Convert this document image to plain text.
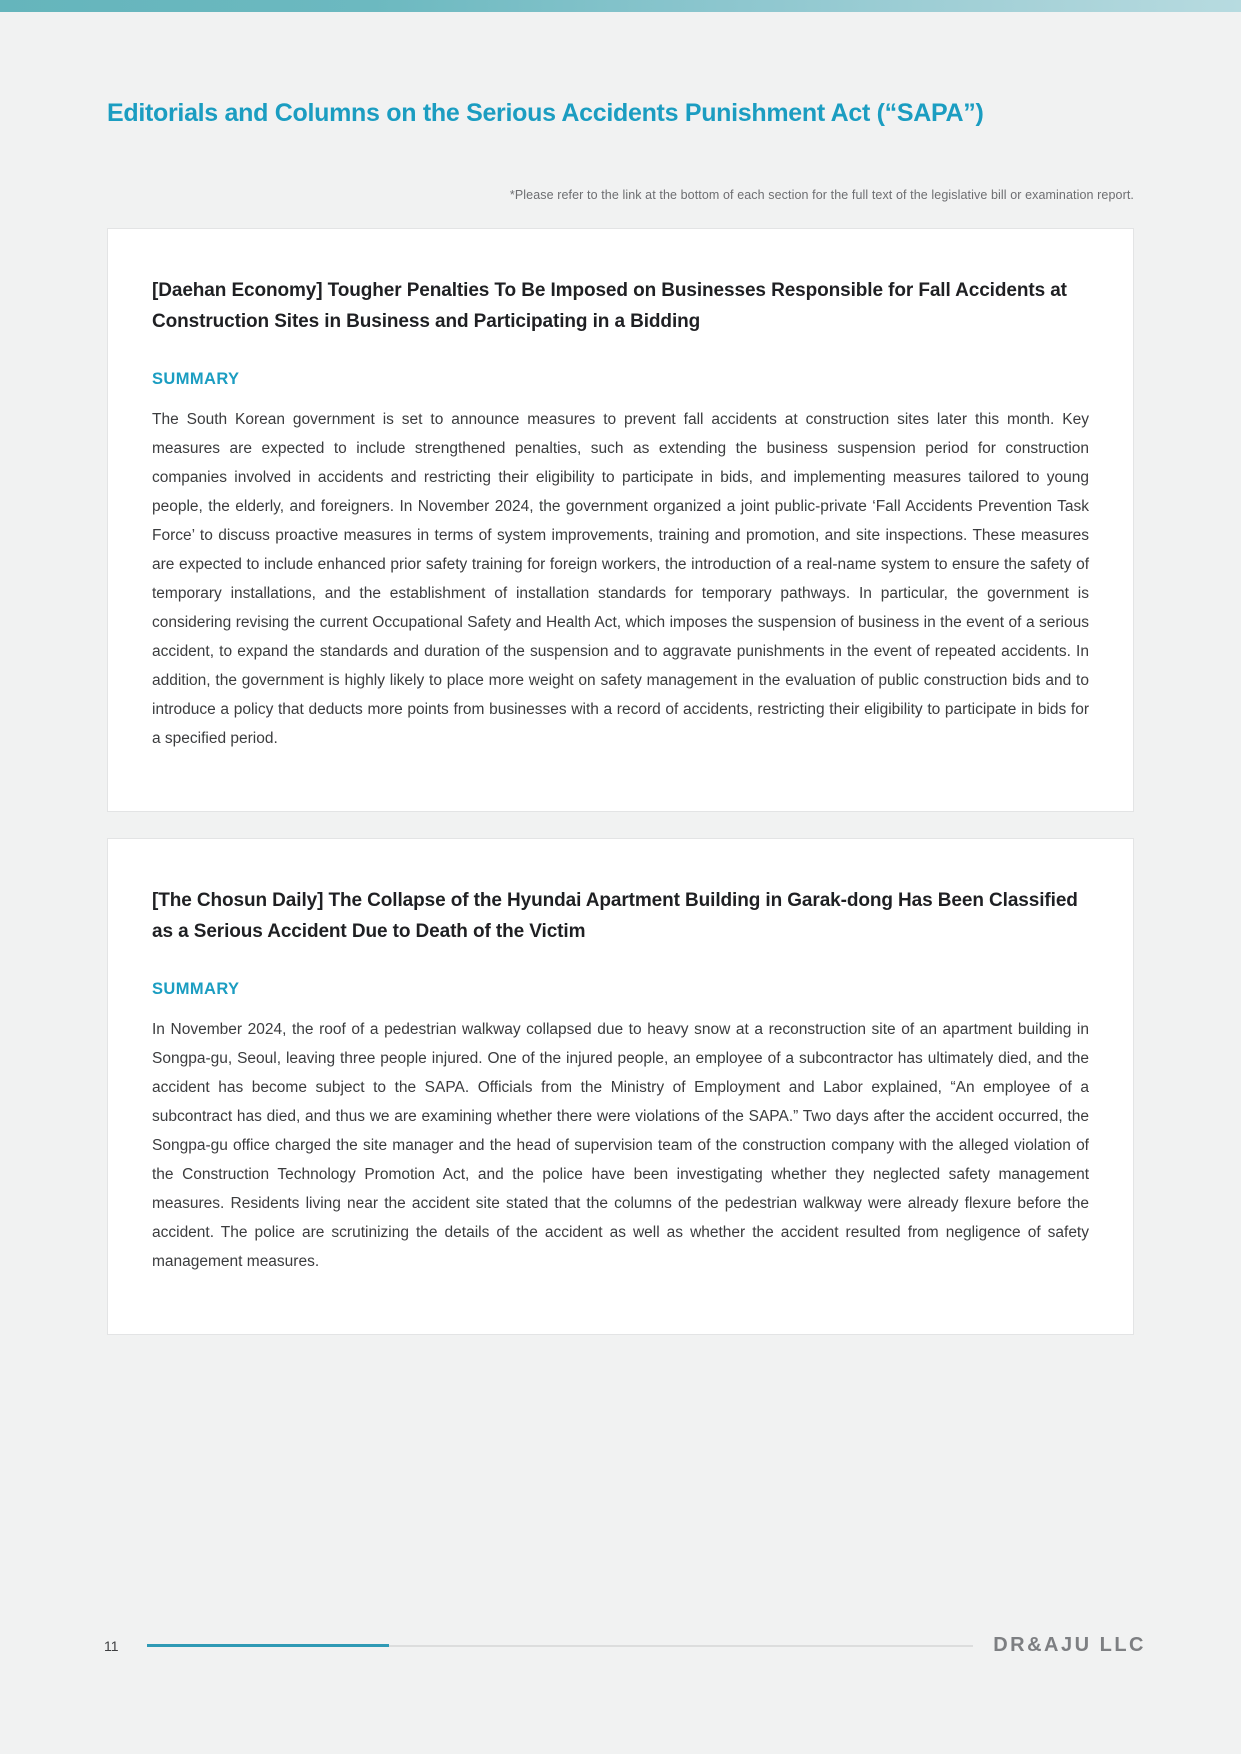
Editorials and Columns on the Serious Accidents Punishment Act (“SAPA”)

*Please refer to the link at the bottom of each section for the full text of the legislative bill or examination report.

[Daehan Economy] Tougher Penalties To Be Imposed on Businesses Responsible for Fall Accidents at Construction Sites in Business and Participating in a Bidding
SUMMARY

The South Korean government is set to announce measures to prevent fall accidents at construction sites later this month. Key measures are expected to include strengthened penalties, such as extending the business suspension period for construction companies involved in accidents and restricting their eligibility to participate in bids, and implementing measures tailored to young people, the elderly, and foreigners. In November 2024, the government organized a joint public-private ‘Fall Accidents Prevention Task Force’ to discuss proactive measures in terms of system improvements, training and promotion, and site inspections. These measures are expected to include enhanced prior safety training for foreign workers, the introduction of a real-name system to ensure the safety of temporary installations, and the establishment of installation standards for temporary pathways. In particular, the government is considering revising the current Occupational Safety and Health Act, which imposes the suspension of business in the event of a serious accident, to expand the standards and duration of the suspension and to aggravate punishments in the event of repeated accidents. In addition, the government is highly likely to place more weight on safety management in the evaluation of public construction bids and to introduce a policy that deducts more points from businesses with a record of accidents, restricting their eligibility to participate in bids for a specified period.

[The Chosun Daily] The Collapse of the Hyundai Apartment Building in Garak-dong Has Been Classified as a Serious Accident Due to Death of the Victim
SUMMARY

In November 2024, the roof of a pedestrian walkway collapsed due to heavy snow at a reconstruction site of an apartment building in Songpa-gu, Seoul, leaving three people injured. One of the injured people, an employee of a subcontractor has ultimately died, and the accident has become subject to the SAPA. Officials from the Ministry of Employment and Labor explained, “An employee of a subcontract has died, and thus we are examining whether there were violations of the SAPA.” Two days after the accident occurred, the Songpa-gu office charged the site manager and the head of supervision team of the construction company with the alleged violation of the Construction Technology Promotion Act, and the police have been investigating whether they neglected safety management measures. Residents living near the accident site stated that the columns of the pedestrian walkway were already flexure before the accident. The police are scrutinizing the details of the accident as well as whether the accident resulted from negligence of safety management measures.

11	DR&AJU LLC
